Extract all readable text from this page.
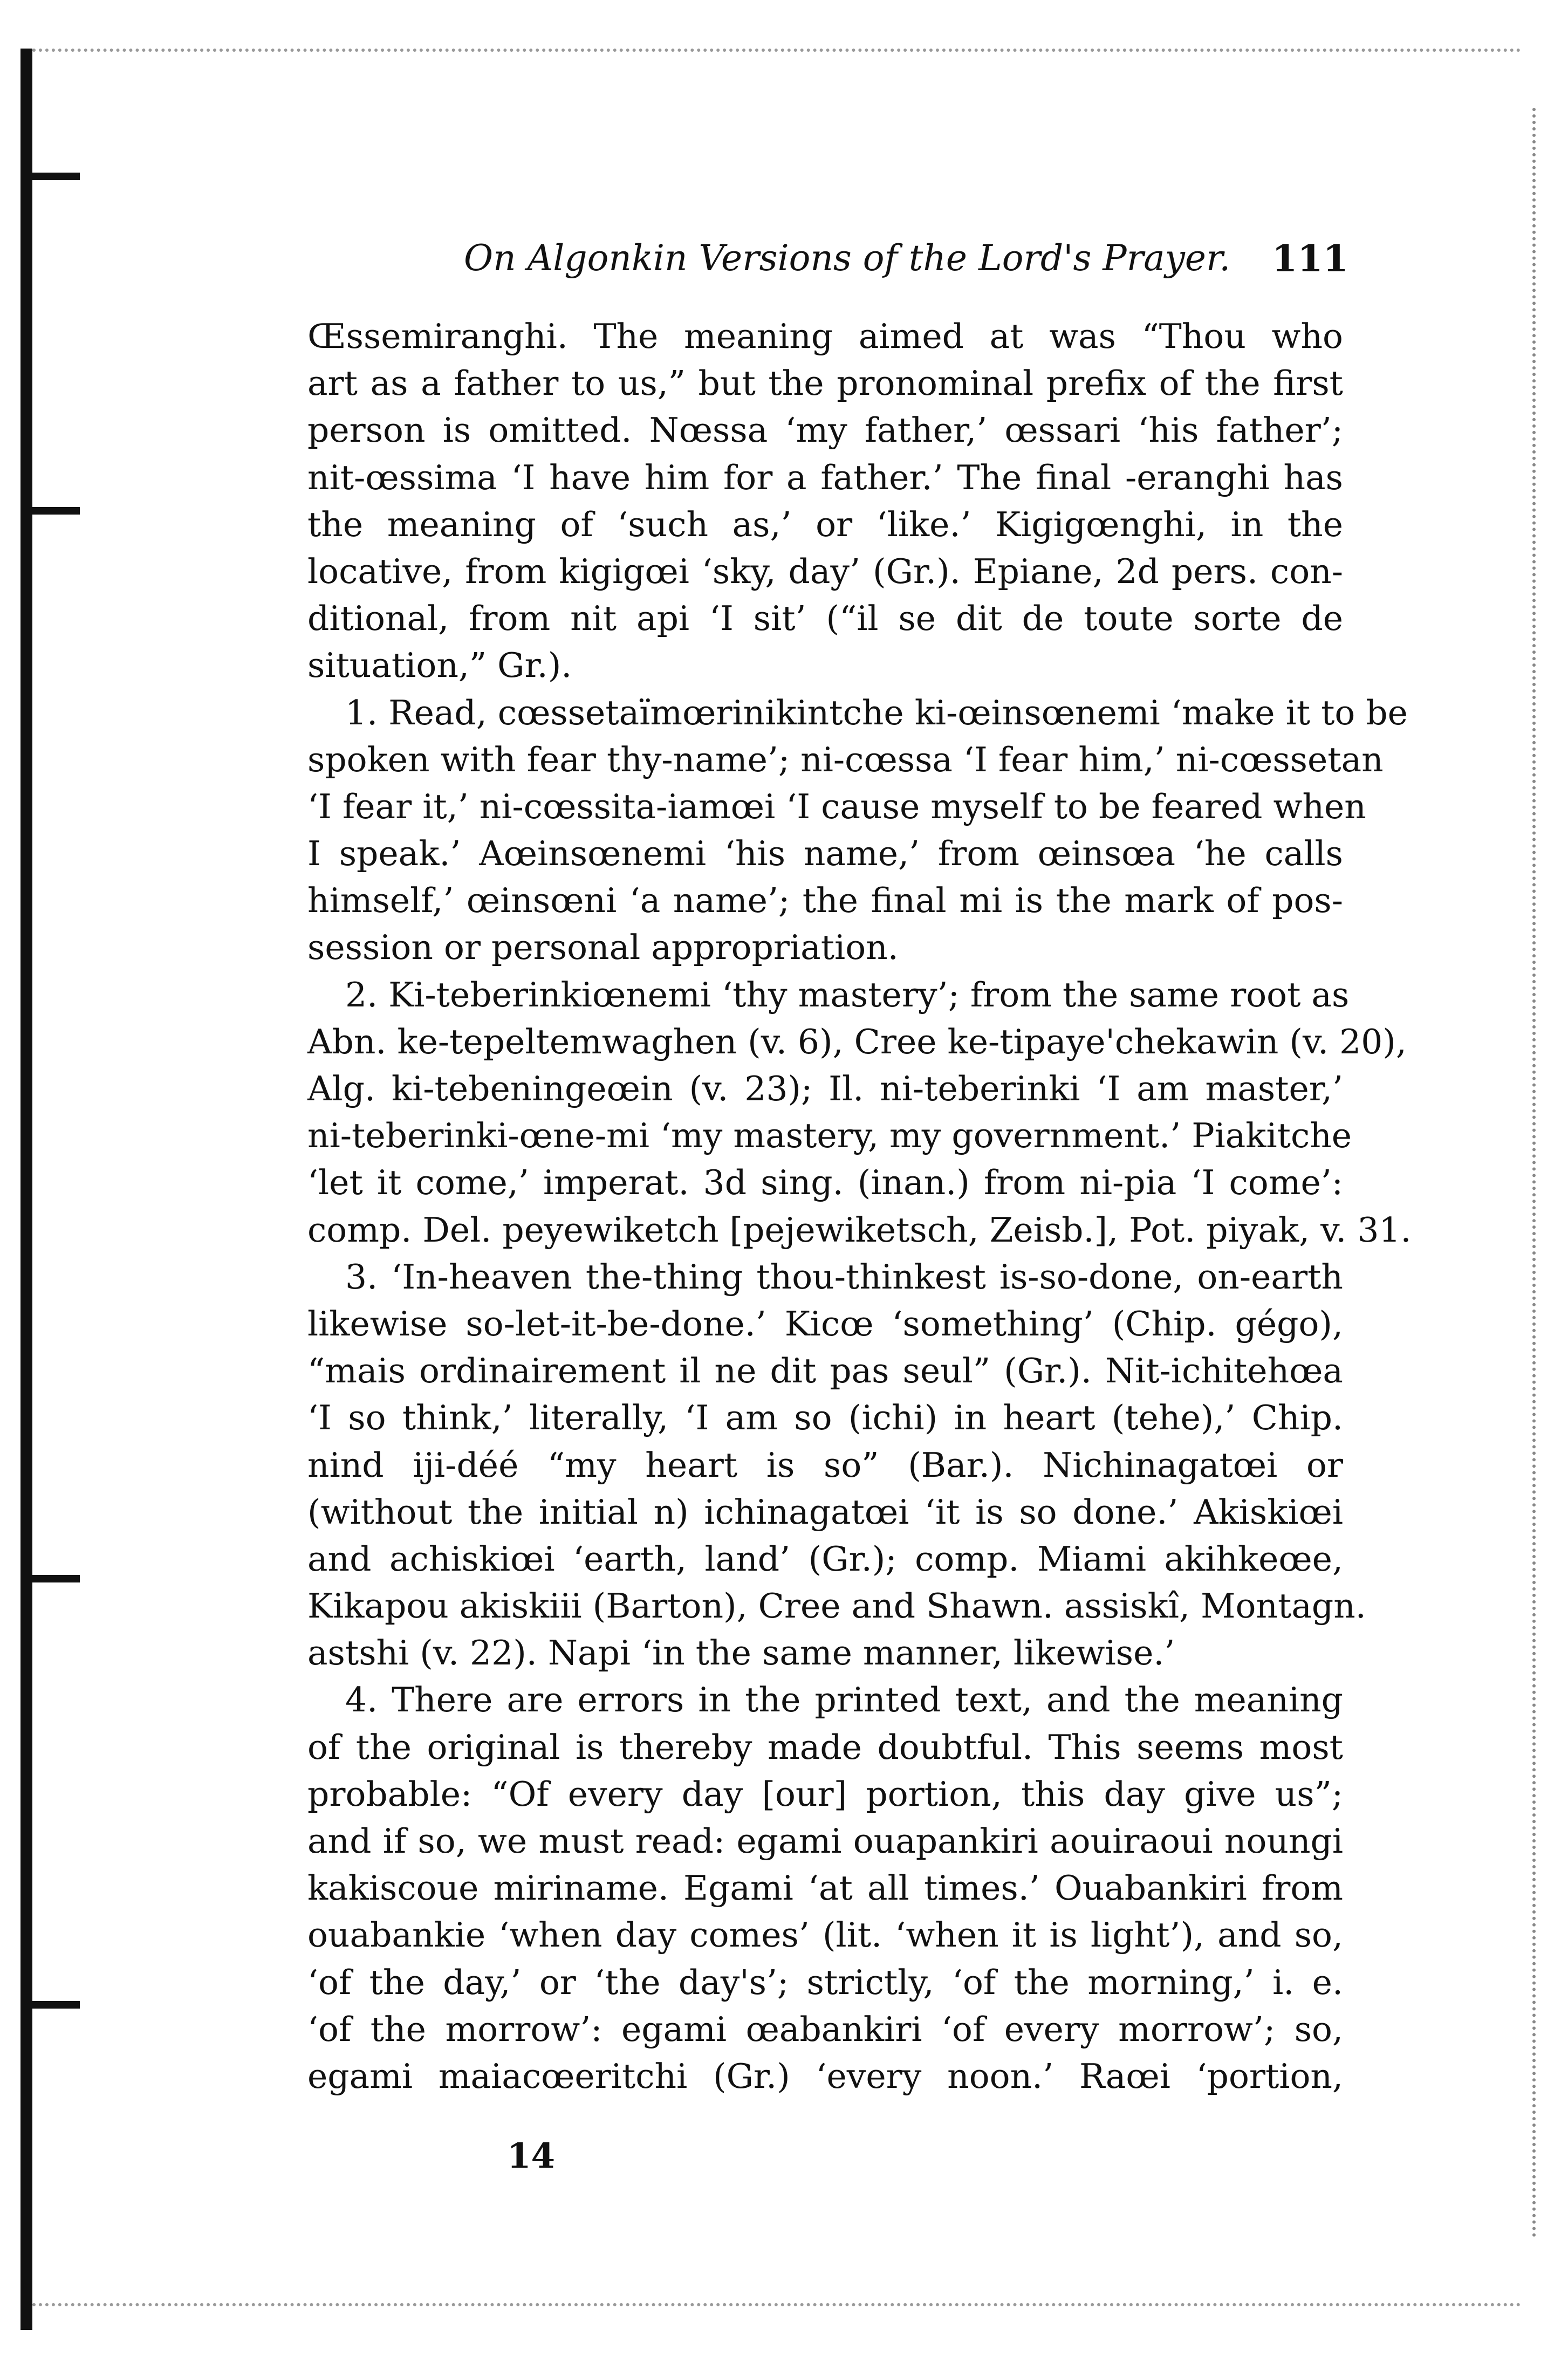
On Algonkin Versions of the Lord's Prayer.	111
Œssemiranghi. The meaning aimed at was “Thou who
art as a father to us,” but the pronominal prefix of the first
person is omitted. Nœssa ‘my father,’ œssari ‘his father’;
nit-œssima ‘I have him for a father.’ The final -eranghi has
the meaning of ‘such as,’ or ‘like.’ Kigigœnghi, in the
locative, from kigigœi ‘sky, day’ (Gr.). Epiane, 2d pers. con-
ditional, from nit api ‘I sit’ (“il se dit de toute sorte de
situation,” Gr.).
1. Read, cœssetaïmœrinikintche ki-œinsœnemi ‘make it to be
spoken with fear thy-name’; ni-cœssa ‘I fear him,’ ni-cœssetan
‘I fear it,’ ni-cœssita-iamœi ‘I cause myself to be feared when
I speak.’ Aœinsœnemi ‘his name,’ from œinsœa ‘he calls
himself,’ œinsœni ‘a name’; the final mi is the mark of pos-
session or personal appropriation.
2. Ki-teberinkiœnemi ‘thy mastery’; from the same root as
Abn. ke-tepeltemwaghen (v. 6), Cree ke-tipaye'chekawin (v. 20),
Alg. ki-tebeningeœin (v. 23); Il. ni-teberinki ‘I am master,’
ni-teberinki-œne-mi ‘my mastery, my government.’ Piakitche
‘let it come,’ imperat. 3d sing. (inan.) from ni-pia ‘I come’:
comp. Del. peyewiketch [pejewiketsch, Zeisb.], Pot. piyak, v. 31.
3. ‘In-heaven the-thing thou-thinkest is-so-done, on-earth
likewise so-let-it-be-done.’ Kicœ ‘something’ (Chip. gégo),
“mais ordinairement il ne dit pas seul” (Gr.). Nit-ichitehœa
‘I so think,’ literally, ‘I am so (ichi) in heart (tehe),’ Chip.
nind iji-déé “my heart is so” (Bar.). Nichinagatœi or
(without the initial n) ichinagatœi ‘it is so done.’ Akiskiœi
and achiskiœi ‘earth, land’ (Gr.); comp. Miami akihkeœe,
Kikapou akiskiii (Barton), Cree and Shawn. assiskî, Montagn.
astshi (v. 22). Napi ‘in the same manner, likewise.’
4. There are errors in the printed text, and the meaning
of the original is thereby made doubtful. This seems most
probable: “Of every day [our] portion, this day give us”;
and if so, we must read: egami ouapankiri aouiraoui noungi
kakiscoue miriname. Egami ‘at all times.’ Ouabankiri from
ouabankie ‘when day comes’ (lit. ‘when it is light’), and so,
‘of the day,’ or ‘the day's’; strictly, ‘of the morning,’ i. e.
‘of the morrow’: egami œabankiri ‘of every morrow’; so,
egami maiacœeritchi (Gr.) ‘every noon.’ Raœi ‘portion,
14
